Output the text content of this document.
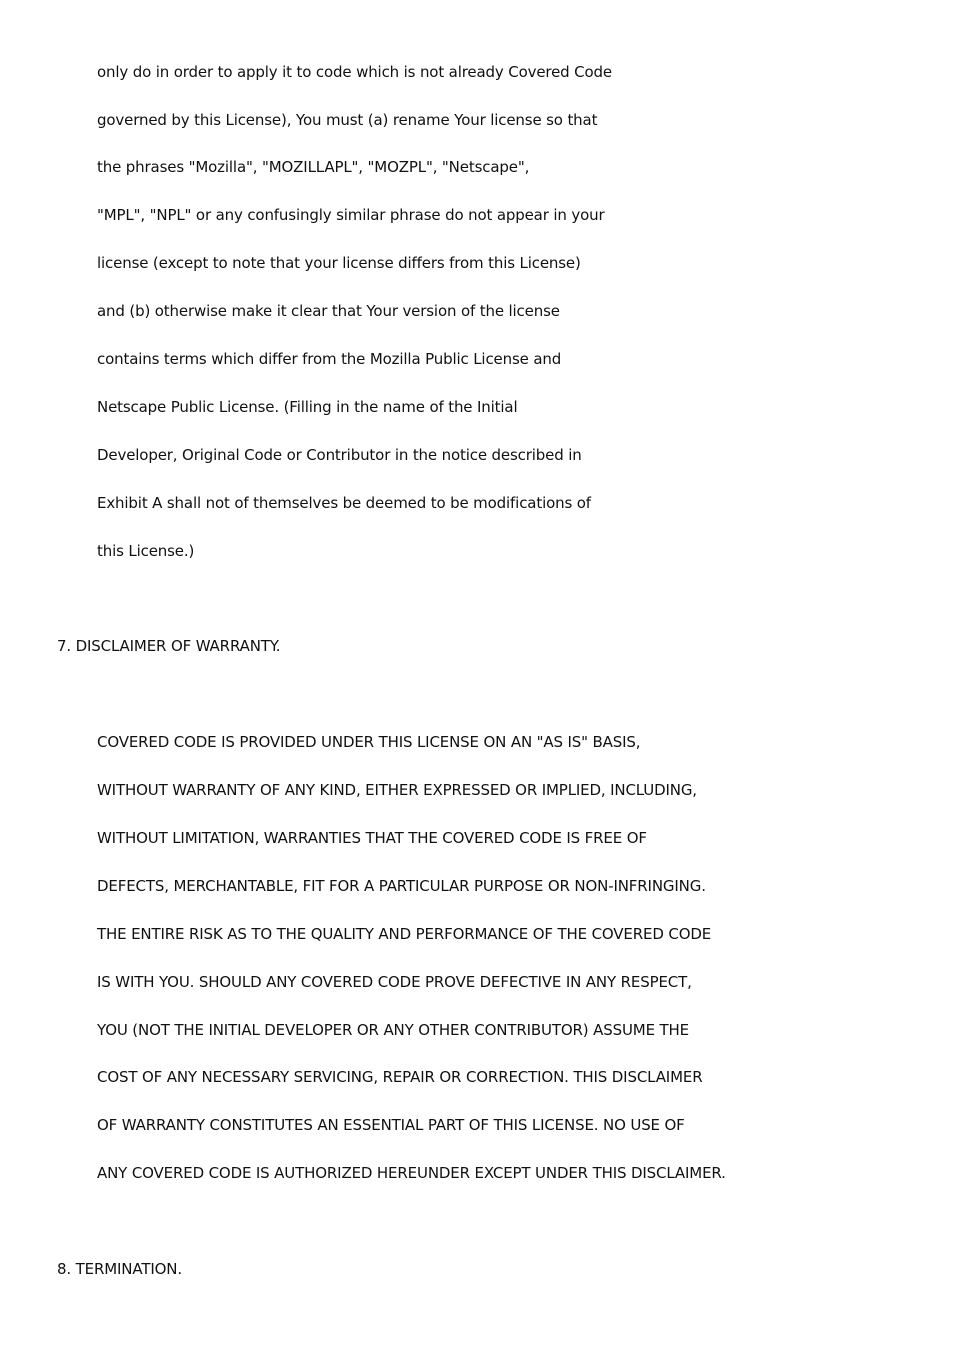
only do in order to apply it to code which is not already Covered Code
governed by this License), You must (a) rename Your license so that
the phrases "Mozilla", "MOZILLAPL", "MOZPL", "Netscape",
"MPL", "NPL" or any confusingly similar phrase do not appear in your
license (except to note that your license differs from this License)
and (b) otherwise make it clear that Your version of the license
contains terms which differ from the Mozilla Public License and
Netscape Public License. (Filling in the name of the Initial
Developer, Original Code or Contributor in the notice described in
Exhibit A shall not of themselves be deemed to be modifications of
this License.)
7. DISCLAIMER OF WARRANTY.
COVERED CODE IS PROVIDED UNDER THIS LICENSE ON AN "AS IS" BASIS,
WITHOUT WARRANTY OF ANY KIND, EITHER EXPRESSED OR IMPLIED, INCLUDING,
WITHOUT LIMITATION, WARRANTIES THAT THE COVERED CODE IS FREE OF
DEFECTS, MERCHANTABLE, FIT FOR A PARTICULAR PURPOSE OR NON-INFRINGING.
THE ENTIRE RISK AS TO THE QUALITY AND PERFORMANCE OF THE COVERED CODE
IS WITH YOU. SHOULD ANY COVERED CODE PROVE DEFECTIVE IN ANY RESPECT,
YOU (NOT THE INITIAL DEVELOPER OR ANY OTHER CONTRIBUTOR) ASSUME THE
COST OF ANY NECESSARY SERVICING, REPAIR OR CORRECTION. THIS DISCLAIMER
OF WARRANTY CONSTITUTES AN ESSENTIAL PART OF THIS LICENSE. NO USE OF
ANY COVERED CODE IS AUTHORIZED HEREUNDER EXCEPT UNDER THIS DISCLAIMER.
8. TERMINATION.
